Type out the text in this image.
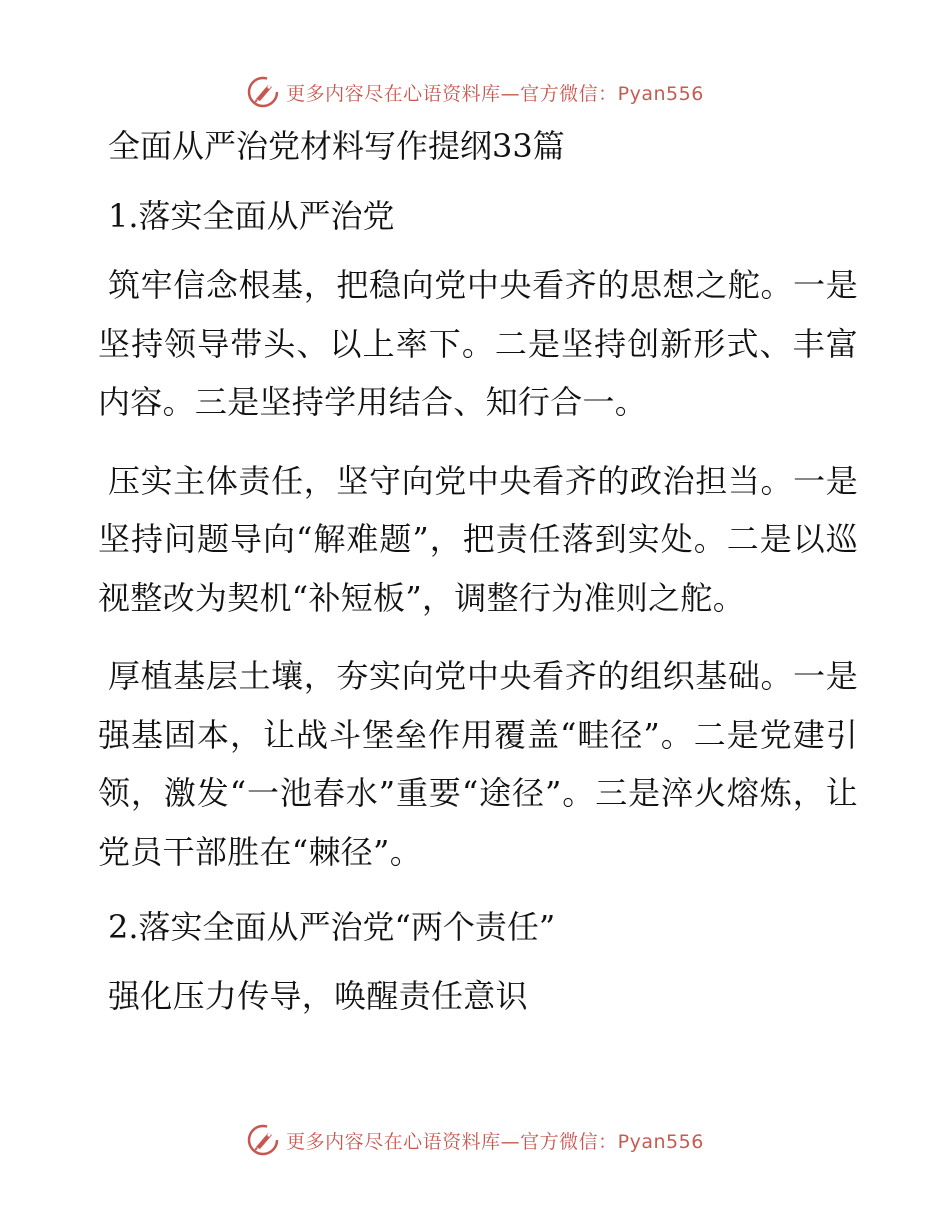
更多内容尽在心语资料库—官方微信：Pyan556
全面从严治党材料写作提纲33篇
1.落实全面从严治党

筑牢信念根基，把稳向党中央看齐的思想之舵。一是坚持领导带头、以上率下。二是坚持创新形式、丰富内容。三是坚持学用结合、知行合一。

压实主体责任，坚守向党中央看齐的政治担当。一是坚持问题导向“解难题”，把责任落到实处。二是以巡视整改为契机“补短板”，调整行为准则之舵。

厚植基层土壤，夯实向党中央看齐的组织基础。一是强基固本，让战斗堡垒作用覆盖“畦径”。二是党建引领，激发“一池春水”重要“途径”。三是淬火熔炼，让党员干部胜在“棘径”。

2.落实全面从严治党“两个责任”

强化压力传导，唤醒责任意识

更多内容尽在心语资料库—官方微信：Pyan556
